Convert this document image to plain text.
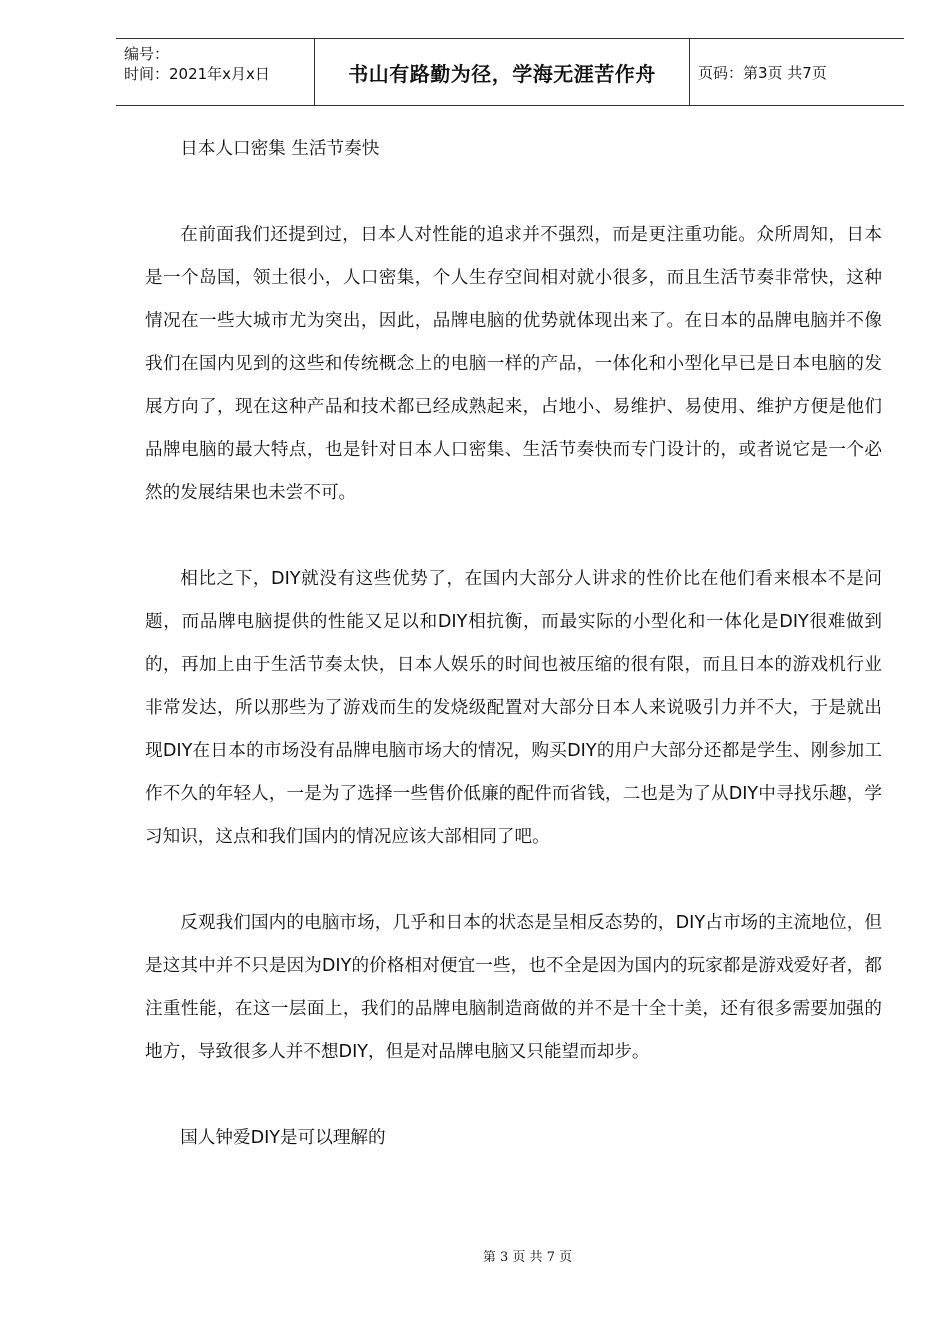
编号：
时间：2021年x月x日	书山有路勤为径，学海无涯苦作舟	页码：第3页 共7页

日本人口密集 生活节奏快

在前面我们还提到过，日本人对性能的追求并不强烈，而是更注重功能。众所周知，日本是一个岛国，领土很小，人口密集，个人生存空间相对就小很多，而且生活节奏非常快，这种情况在一些大城市尤为突出，因此，品牌电脑的优势就体现出来了。在日本的品牌电脑并不像我们在国内见到的这些和传统概念上的电脑一样的产品，一体化和小型化早已是日本电脑的发展方向了，现在这种产品和技术都已经成熟起来，占地小、易维护、易使用、维护方便是他们品牌电脑的最大特点，也是针对日本人口密集、生活节奏快而专门设计的，或者说它是一个必然的发展结果也未尝不可。

相比之下，DIY就没有这些优势了，在国内大部分人讲求的性价比在他们看来根本不是问题，而品牌电脑提供的性能又足以和DIY相抗衡，而最实际的小型化和一体化是DIY很难做到的，再加上由于生活节奏太快，日本人娱乐的时间也被压缩的很有限，而且日本的游戏机行业非常发达，所以那些为了游戏而生的发烧级配置对大部分日本人来说吸引力并不大，于是就出现DIY在日本的市场没有品牌电脑市场大的情况，购买DIY的用户大部分还都是学生、刚参加工作不久的年轻人，一是为了选择一些售价低廉的配件而省钱，二也是为了从DIY中寻找乐趣，学习知识，这点和我们国内的情况应该大部相同了吧。

反观我们国内的电脑市场，几乎和日本的状态是呈相反态势的，DIY占市场的主流地位，但是这其中并不只是因为DIY的价格相对便宜一些，也不全是因为国内的玩家都是游戏爱好者，都注重性能，在这一层面上，我们的品牌电脑制造商做的并不是十全十美，还有很多需要加强的地方，导致很多人并不想DIY，但是对品牌电脑又只能望而却步。

国人钟爱DIY是可以理解的

第 3 页 共 7 页
